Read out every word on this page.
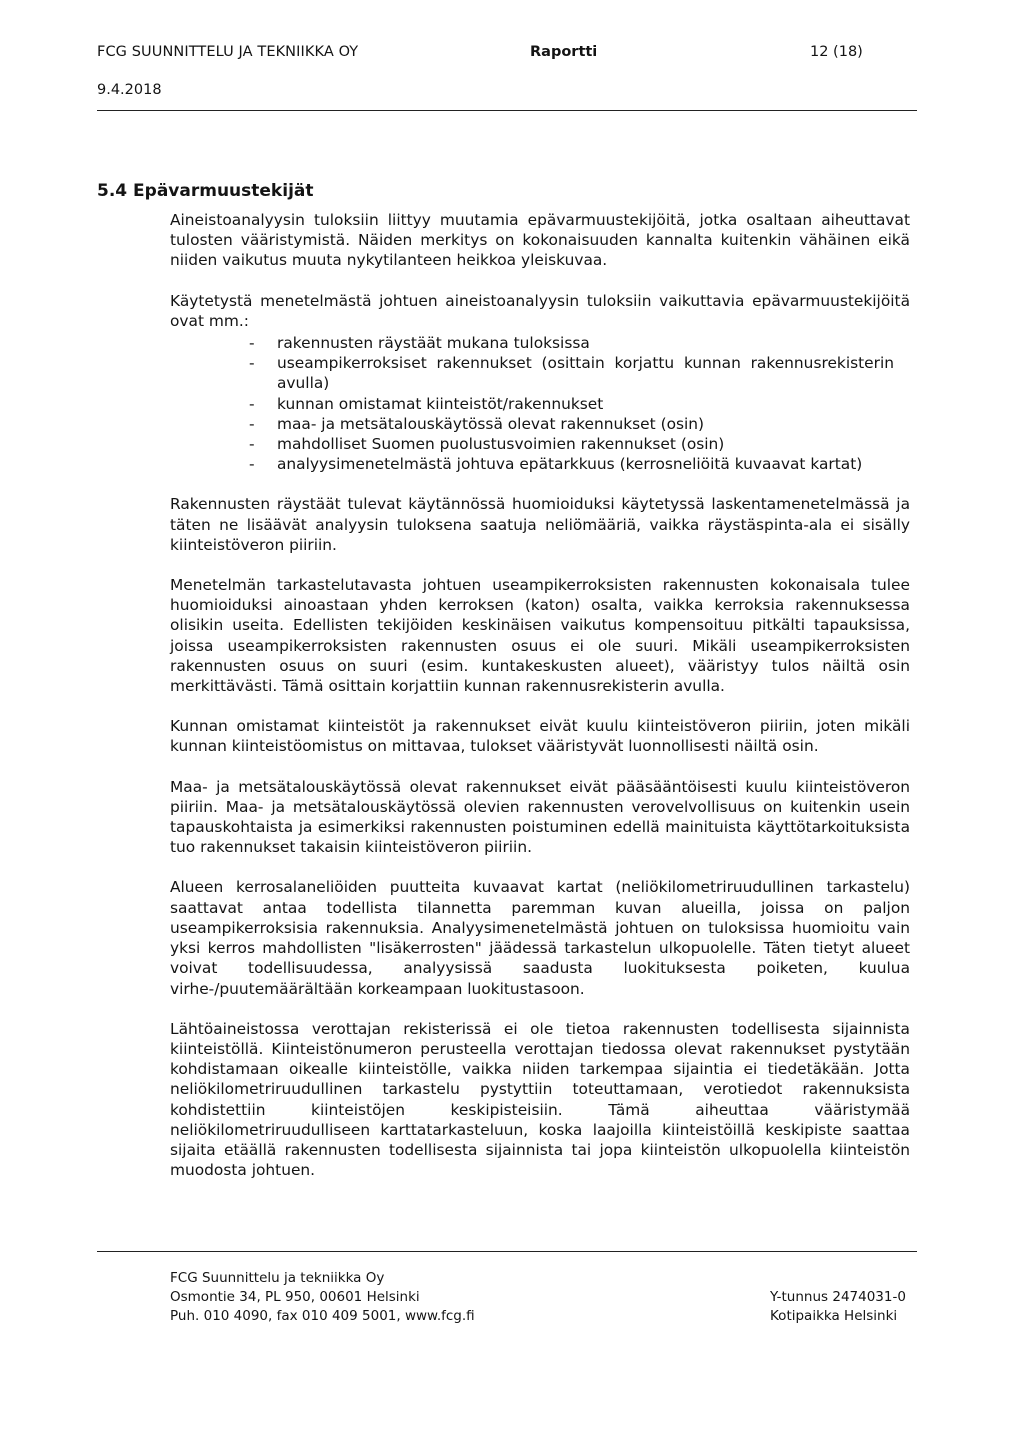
FCG SUUNNITTELU JA TEKNIIKKA OY	Raportti	12 (18)
9.4.2018
5.4 Epävarmuustekijät

Aineistoanalyysin tuloksiin liittyy muutamia epävarmuustekijöitä, jotka osaltaan aiheuttavat tulosten vääristymistä. Näiden merkitys on kokonaisuuden kannalta kuitenkin vähäinen eikä niiden vaikutus muuta nykytilanteen heikkoa yleiskuvaa.

Käytetystä menetelmästä johtuen aineistoanalyysin tuloksiin vaikuttavia epävarmuustekijöitä ovat mm.:

- rakennusten räystäät mukana tuloksissa
- useampikerroksiset rakennukset (osittain korjattu kunnan rakennusrekisterin avulla)
- kunnan omistamat kiinteistöt/rakennukset
- maa- ja metsätalouskäytössä olevat rakennukset (osin)
- mahdolliset Suomen puolustusvoimien rakennukset (osin)
- analyysimenetelmästä johtuva epätarkkuus (kerrosneliöitä kuvaavat kartat)

Rakennusten räystäät tulevat käytännössä huomioiduksi käytetyssä laskentamenetelmässä ja täten ne lisäävät analyysin tuloksena saatuja neliömääriä, vaikka räystäspinta-ala ei sisälly kiinteistöveron piiriin.

Menetelmän tarkastelutavasta johtuen useampikerroksisten rakennusten kokonaisala tulee huomioiduksi ainoastaan yhden kerroksen (katon) osalta, vaikka kerroksia rakennuksessa olisikin useita. Edellisten tekijöiden keskinäisen vaikutus kompensoituu pitkälti tapauksissa, joissa useampikerroksisten rakennusten osuus ei ole suuri. Mikäli useampikerroksisten rakennusten osuus on suuri (esim. kuntakeskusten alueet), vääristyy tulos näiltä osin merkittävästi. Tämä osittain korjattiin kunnan rakennusrekisterin avulla.

Kunnan omistamat kiinteistöt ja rakennukset eivät kuulu kiinteistöveron piiriin, joten mikäli kunnan kiinteistöomistus on mittavaa, tulokset vääristyvät luonnollisesti näiltä osin.

Maa- ja metsätalouskäytössä olevat rakennukset eivät pääsääntöisesti kuulu kiinteistöveron piiriin. Maa- ja metsätalouskäytössä olevien rakennusten verovelvollisuus on kuitenkin usein tapauskohtaista ja esimerkiksi rakennusten poistuminen edellä mainituista käyttötarkoituksista tuo rakennukset takaisin kiinteistöveron piiriin.

Alueen kerrosalaneliöiden puutteita kuvaavat kartat (neliökilometriruudullinen tarkastelu) saattavat antaa todellista tilannetta paremman kuvan alueilla, joissa on paljon useampikerroksisia rakennuksia. Analyysimenetelmästä johtuen on tuloksissa huomioitu vain yksi kerros mahdollisten "lisäkerrosten" jäädessä tarkastelun ulkopuolelle. Täten tietyt alueet voivat todellisuudessa, analyysissä saadusta luokituksesta poiketen, kuulua virhe-/puutemäärältään korkeampaan luokitustasoon.

Lähtöaineistossa verottajan rekisterissä ei ole tietoa rakennusten todellisesta sijainnista kiinteistöllä. Kiinteistönumeron perusteella verottajan tiedossa olevat rakennukset pystytään kohdistamaan oikealle kiinteistölle, vaikka niiden tarkempaa sijaintia ei tiedetäkään. Jotta neliökilometriruudullinen tarkastelu pystyttiin toteuttamaan, verotiedot rakennuksista kohdistettiin kiinteistöjen keskipisteisiin. Tämä aiheuttaa vääristymää neliökilometriruudulliseen karttatarkasteluun, koska laajoilla kiinteistöillä keskipiste saattaa sijaita etäällä rakennusten todellisesta sijainnista tai jopa kiinteistön ulkopuolella kiinteistön muodosta johtuen.

FCG Suunnittelu ja tekniikka Oy
Osmontie 34, PL 950, 00601 Helsinki
Puh. 010 4090, fax 010 409 5001, www.fcg.fi

Y-tunnus 2474031-0
Kotipaikka Helsinki
